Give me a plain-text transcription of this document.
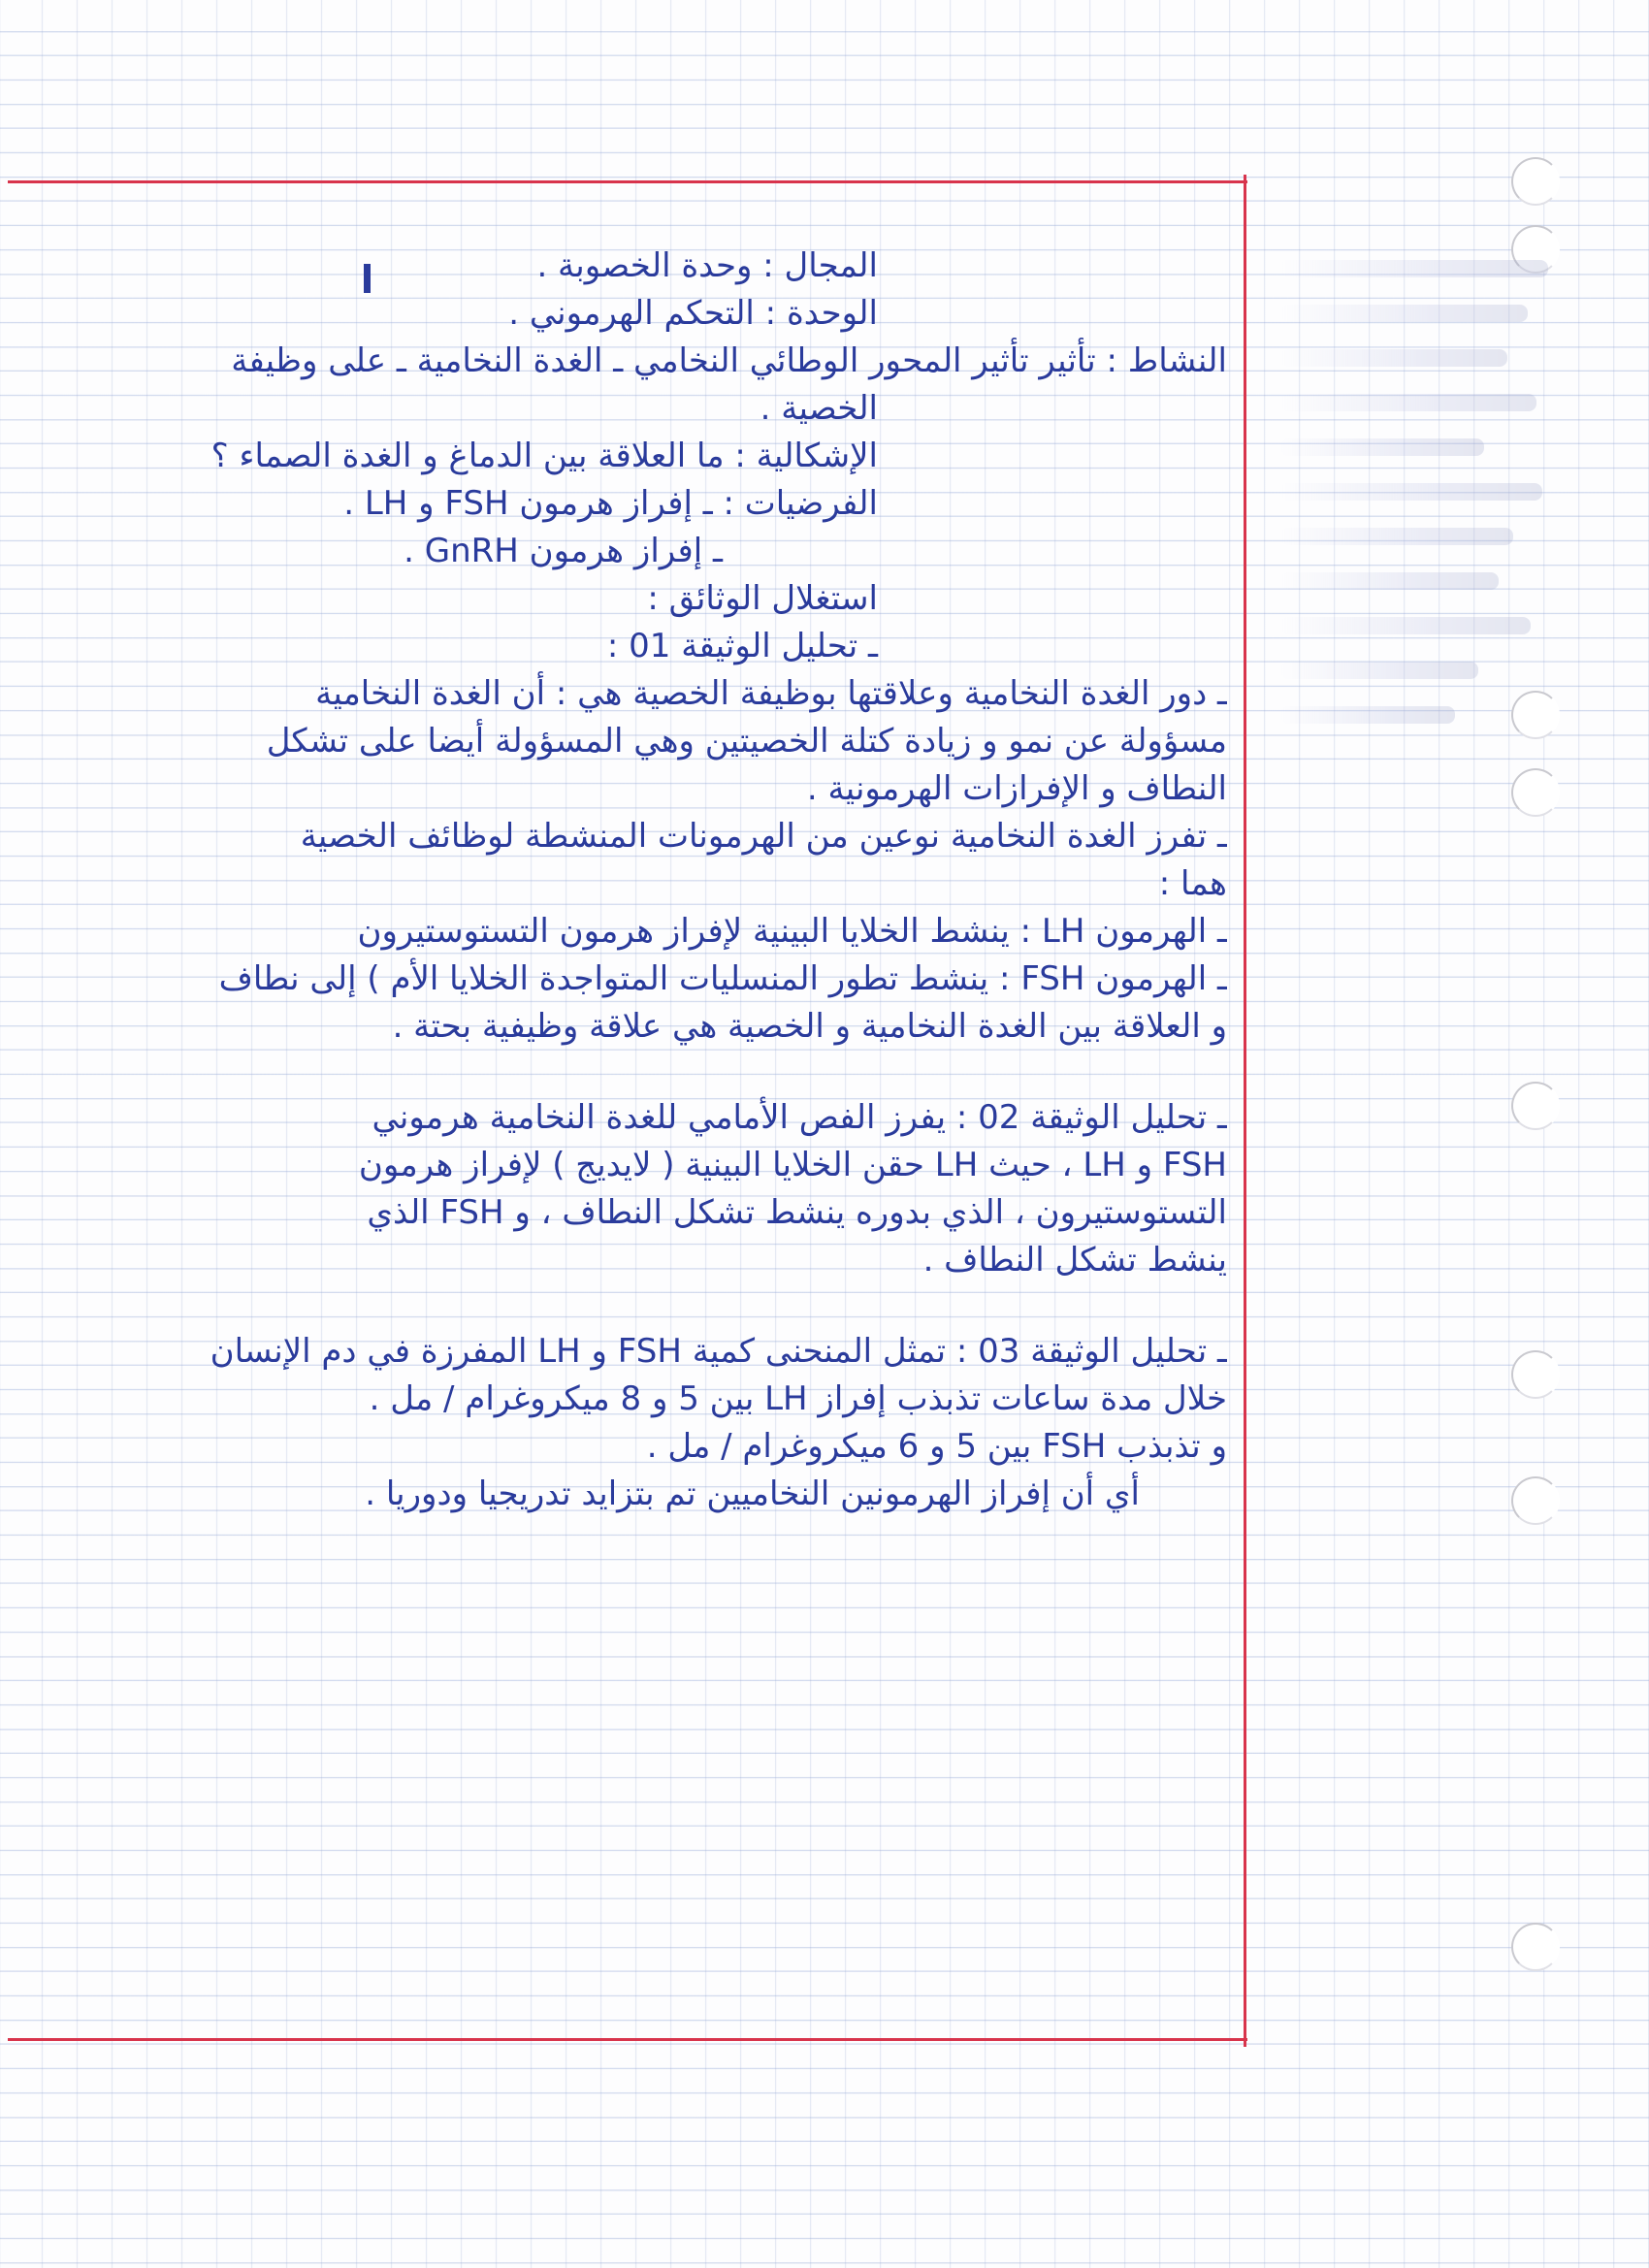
المجال : وحدة الخصوبة .
الوحدة : التحكم الهرموني .
النشاط : تأثير تأثير المحور الوطائي النخامي ـ الغدة النخامية ـ على وظيفة
الخصية .
الإشكالية : ما العلاقة بين الدماغ و الغدة الصماء ؟
الفرضيات : ـ إفراز هرمون FSH و LH .
ـ إفراز هرمون GnRH .
استغلال الوثائق :
ـ تحليل الوثيقة 01 :
ـ دور الغدة النخامية وعلاقتها بوظيفة الخصية هي : أن الغدة النخامية
مسؤولة عن نمو و زيادة كتلة الخصيتين وهي المسؤولة أيضا على تشكل
النطاف و الإفرازات الهرمونية .
ـ تفرز الغدة النخامية نوعين من الهرمونات المنشطة لوظائف الخصية
هما :
ـ الهرمون LH : ينشط الخلايا البينية لإفراز هرمون التستوستيرون
ـ الهرمون FSH : ينشط تطور المنسليات المتواجدة الخلايا الأم ) إلى نطاف
و العلاقة بين الغدة النخامية و الخصية هي علاقة وظيفية بحتة .
ـ تحليل الوثيقة 02 : يفرز الفص الأمامي للغدة النخامية هرموني
FSH و LH ، حيث LH حقن الخلايا البينية ( لايديج ) لإفراز هرمون
التستوستيرون ، الذي بدوره ينشط تشكل النطاف ، و FSH الذي
ينشط تشكل النطاف .
ـ تحليل الوثيقة 03 : تمثل المنحنى كمية FSH و LH المفرزة في دم الإنسان
خلال مدة ساعات تذبذب إفراز LH بين 5 و 8 ميكروغرام / مل .
و تذبذب FSH بين 5 و 6 ميكروغرام / مل .
أي أن إفراز الهرمونين النخاميين تم بتزايد تدريجيا ودوريا .
